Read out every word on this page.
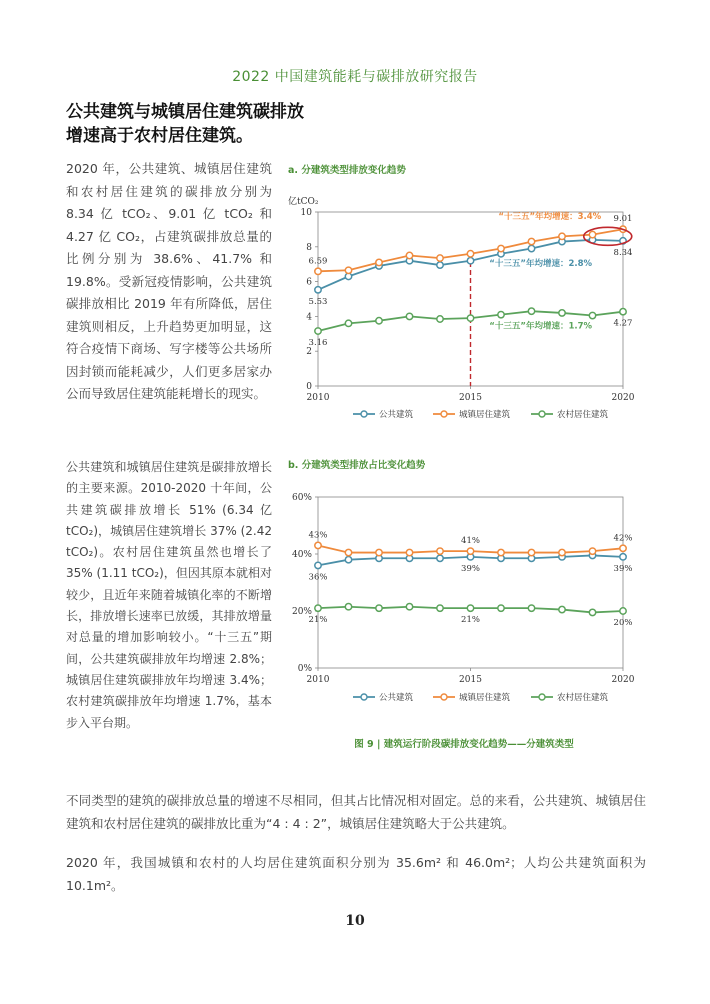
2022 中国建筑能耗与碳排放研究报告
公共建筑与城镇居住建筑碳排放增速高于农村居住建筑。
2020 年，公共建筑、城镇居住建筑和农村居住建筑的碳排放分别为 8.34 亿 tCO₂、9.01 亿 tCO₂ 和 4.27 亿 CO₂，占建筑碳排放总量的比例分别为 38.6%、41.7% 和 19.8%。受新冠疫情影响，公共建筑碳排放相比 2019 年有所降低，居住建筑则相反，上升趋势更加明显，这符合疫情下商场、写字楼等公共场所因封锁而能耗减少，人们更多居家办公而导致居住建筑能耗增长的现实。
公共建筑和城镇居住建筑是碳排放增长的主要来源。2010-2020 十年间，公共建筑碳排放增长 51% (6.34 亿 tCO₂)，城镇居住建筑增长 37% (2.42 tCO₂)。农村居住建筑虽然也增长了 35% (1.11 tCO₂)，但因其原本就相对较少，且近年来随着城镇化率的不断增长，排放增长速率已放缓，其排放增量对总量的增加影响较小。“十三五”期间，公共建筑碳排放年均增速 2.8%；城镇居住建筑碳排放年均增速 3.4%；农村建筑碳排放年均增速 1.7%，基本步入平台期。
a. 分建筑类型排放变化趋势
0
2
4
6
8
10
2010	2015	2020
亿tCO₂
5.53
6.59
3.16
9.01
8.34
4.27
“十三五”年均增速：3.4%
“十三五”年均增速：2.8%
“十三五”年均增速：1.7%
公共建筑	城镇居住建筑	农村居住建筑
b. 分建筑类型排放占比变化趋势
0%
20%
40%
60%
2010	2015	2020
43%
36%
21%
41%
39%
21%
42%
39%
20%
公共建筑	城镇居住建筑	农村居住建筑
图 9 | 建筑运行阶段碳排放变化趋势——分建筑类型
不同类型的建筑的碳排放总量的增速不尽相同，但其占比情况相对固定。总的来看，公共建筑、城镇居住建筑和农村居住建筑的碳排放比重为“4 : 4 : 2”，城镇居住建筑略大于公共建筑。
2020 年，我国城镇和农村的人均居住建筑面积分别为 35.6m² 和 46.0m²；人均公共建筑面积为 10.1m²。
10
